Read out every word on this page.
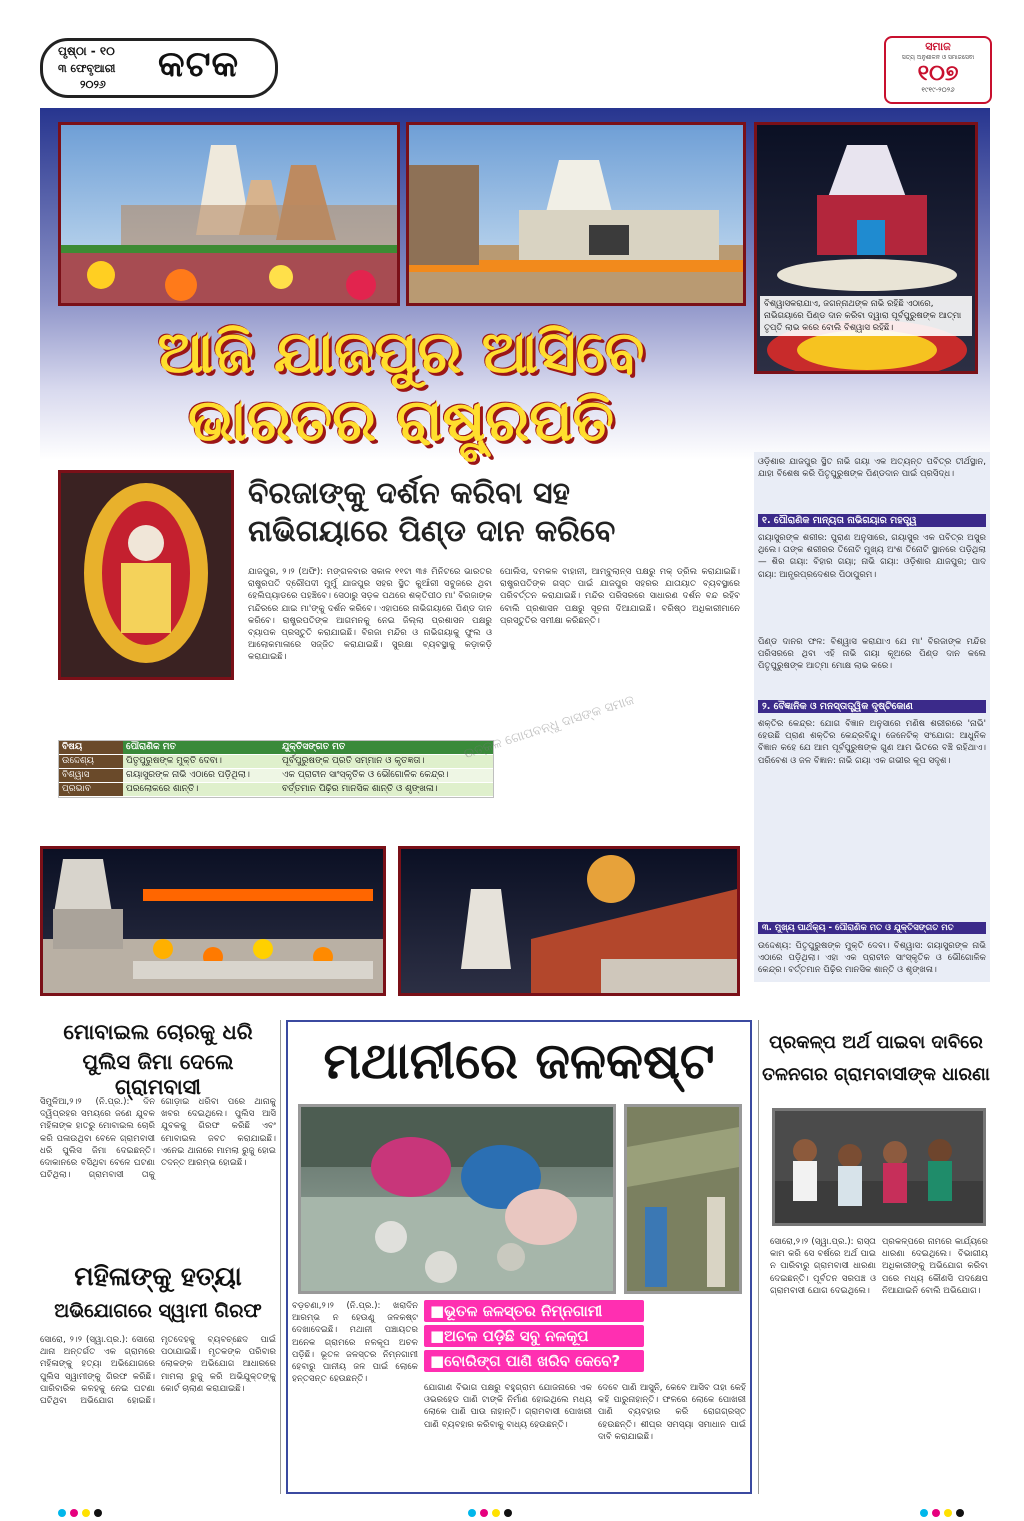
ପୃଷ୍ଠା - ୧୦
୩ ଫେବୃଆରୀ
୨୦୨୬ କଟକ	ସମାଜ
ସତ୍ୟ ଅନୁଶୀଳନ ଓ ସମାଜସେବା
୧୦୭
୧୯୧୯-୨୦୨୬
ବିଶ୍ୱାସକରାଯାଏ, ଜଗନ୍ନାଥଙ୍କ ନାଭି ରହିଛି ଏଠାରେ, ନାଭିଗୟାରେ ପିଣ୍ଡ ଦାନ କରିବା ଦ୍ୱାରା ପୂର୍ବପୁରୁଷଙ୍କ ଆତ୍ମା ତୃପ୍ତି ଲାଭ କରେ ବୋଲି ବିଶ୍ୱାସ ରହିଛି।
ଆଜି ଯାଜପୁର ଆସିବେ
ଭାରତର ରାଷ୍ଟ୍ରପତି
ବିରଜାଙ୍କୁ ଦର୍ଶନ କରିବା ସହ
ନାଭିଗୟାରେ ପିଣ୍ଡ ଦାନ କରିବେ
ଯାଜପୁର, ୨।୨ (ଅଫି): ମଙ୍ଗଳବାର ସକାଳ ୧୧ଟା ୩୫ ମିନିଟରେ ଭାରତର ରାଷ୍ଟ୍ରପତି ଦ୍ରୌପଦୀ ମୁର୍ମୁ ଯାଜପୁର ସହର ସ୍ଥିତ କୁଆଁରୀ ସବୁଜରେ ଥିବା ହେଲିପ୍ୟାଡରେ ପହଞ୍ଚିବେ। ସେଠାରୁ ସଡ଼କ ପଥରେ ଶକ୍ତିପୀଠ ମା' ବିରଜାଙ୍କ ମନ୍ଦିରରେ ଯାଇ ମା'ଙ୍କୁ ଦର୍ଶନ କରିବେ। ଏହାପରେ ନାଭିଗୟାରେ ପିଣ୍ଡ ଦାନ କରିବେ। ରାଷ୍ଟ୍ରପତିଙ୍କ ଆଗମନକୁ ନେଇ ଜିଲ୍ଲା ପ୍ରଶାସନ ପକ୍ଷରୁ ବ୍ୟାପକ ପ୍ରସ୍ତୁତି କରାଯାଇଛି। ବିରଜା ମନ୍ଦିର ଓ ନାଭିଗୟାକୁ ଫୁଲ ଓ ଆଲୋକମାଳାରେ ସଜ୍ଜିତ କରାଯାଇଛି। ସୁରକ୍ଷା ବ୍ୟବସ୍ଥାକୁ କଡ଼ାକଡ଼ି କରାଯାଇଛି।
ପୋଲିସ, ଦମକଳ ବାହାନୀ, ଆମ୍ବୁଲାନ୍ସ ପକ୍ଷରୁ ମକ୍ ଡ୍ରିଲ କରାଯାଇଛି। ରାଷ୍ଟ୍ରପତିଙ୍କ ଗସ୍ତ ପାଇଁ ଯାଜପୁର ସହରର ଯାତାୟାତ ବ୍ୟବସ୍ଥାରେ ପରିବର୍ତ୍ତନ କରାଯାଇଛି। ମନ୍ଦିର ପରିସରରେ ସାଧାରଣ ଦର୍ଶନ ବନ୍ଦ ରହିବ ବୋଲି ପ୍ରଶାସନ ପକ୍ଷରୁ ସୂଚନା ଦିଆଯାଇଛି। ବରିଷ୍ଠ ଅଧିକାରୀମାନେ ପ୍ରସ୍ତୁତିର ସମୀକ୍ଷା କରିଛନ୍ତି।
ବିଷୟ	ପୌରାଣିକ ମତ	ଯୁକ୍ତିସଙ୍ଗତ ମତ
ଉଦ୍ଦେଶ୍ୟ	ପିତୃପୁରୁଷଙ୍କ ମୁକ୍ତି ଦେବା।	ପୂର୍ବପୁରୁଷଙ୍କ ପ୍ରତି ସମ୍ମାନ ଓ କୃତଜ୍ଞତା।
ବିଶ୍ୱାସ	ଗୟାସୁରଙ୍କ ନାଭି ଏଠାରେ ପଡ଼ିଥିଲା।	ଏକ ପ୍ରାଚୀନ ସାଂସ୍କୃତିକ ଓ ଭୌଗୋଳିକ କେନ୍ଦ୍ର।
ପ୍ରଭାବ	ପରଲୋକରେ ଶାନ୍ତି।	ବର୍ତ୍ତମାନ ପିଢ଼ିର ମାନସିକ ଶାନ୍ତି ଓ ଶୃଙ୍ଖଳା।
ଉତ୍କଳ ଗୋପବନ୍ଧୁ ଦାସଙ୍କ ସମାଜ
ଓଡ଼ିଶାର ଯାଜପୁର ସ୍ଥିତ ନାଭି ଗୟା ଏକ ଅତ୍ୟନ୍ତ ପବିତ୍ର ତୀର୍ଥସ୍ଥାନ, ଯାହା ବିଶେଷ କରି ପିତୃପୁରୁଷଙ୍କ ପିଣ୍ଡଦାନ ପାଇଁ ପ୍ରସିଦ୍ଧ।
୧. ପୌରାଣିକ ମାନ୍ୟତା ନାଭିଗୟାର ମହତ୍ତ୍ୱ
ଗୟାସୁରଙ୍କ ଶରୀର: ପୁରାଣ ଅନୁସାରେ, ଗୟାସୁର ଏକ ପବିତ୍ର ଅସୁର ଥିଲେ। ତାଙ୍କ ଶରୀରର ତିନୋଟି ମୁଖ୍ୟ ଅଂଶ ତିନୋଟି ସ୍ଥାନରେ ପଡ଼ିଥିଲା — ଶିର ଗୟା: ବିହାର ଗୟା; ନାଭି ଗୟା: ଓଡ଼ିଶାର ଯାଜପୁର; ପାଦ ଗୟା: ଆନ୍ଧ୍ରପ୍ରଦେଶର ପିଠାପୁରମ।
ପିଣ୍ଡ ଦାନର ଫଳ: ବିଶ୍ୱାସ କରାଯାଏ ଯେ ମା' ବିରଜାଙ୍କ ମନ୍ଦିର ପରିସରରେ ଥିବା ଏହି ନାଭି ଗୟା କୂଅରେ ପିଣ୍ଡ ଦାନ କଲେ ପିତୃପୁରୁଷଙ୍କ ଆତ୍ମା ମୋକ୍ଷ ଲାଭ କରେ।
୨. ବୈଜ୍ଞାନିକ ଓ ମନସ୍ତାତ୍ତ୍ୱିକ ଦୃଷ୍ଟିକୋଣ
ଶକ୍ତିର କେନ୍ଦ୍ର: ଯୋଗ ବିଜ୍ଞାନ ଅନୁସାରେ ମଣିଷ ଶରୀରରେ 'ନାଭି' ହେଉଛି ପ୍ରାଣ ଶକ୍ତିର କେନ୍ଦ୍ରବିନ୍ଦୁ। ଜେନେଟିକ୍ ସଂଯୋଗ: ଆଧୁନିକ ବିଜ୍ଞାନ କହେ ଯେ ଆମ ପୂର୍ବପୁରୁଷଙ୍କ ଗୁଣ ଆମ ଭିତରେ ବଞ୍ଚି ରହିଥାଏ। ପରିବେଶ ଓ ଜଳ ବିଜ୍ଞାନ: ନାଭି ଗୟା ଏକ ଗଭୀର କୂପ ସଦୃଶ।
୩. ମୁଖ୍ୟ ପାର୍ଥକ୍ୟ - ପୌରାଣିକ ମତ ଓ ଯୁକ୍ତିସଙ୍ଗତ ମତ
ଉଦ୍ଦେଶ୍ୟ: ପିତୃପୁରୁଷଙ୍କ ମୁକ୍ତି ଦେବା। ବିଶ୍ୱାସ: ଗୟାସୁରଙ୍କ ନାଭି ଏଠାରେ ପଡ଼ିଥିଲା। ଏହା ଏକ ପ୍ରାଚୀନ ସାଂସ୍କୃତିକ ଓ ଭୌଗୋଳିକ କେନ୍ଦ୍ର। ବର୍ତ୍ତମାନ ପିଢ଼ିର ମାନସିକ ଶାନ୍ତି ଓ ଶୃଙ୍ଖଳା।
ମୋବାଇଲ ଚୋରକୁ ଧରି
ପୁଲିସ ଜିମା ଦେଲେ ଗ୍ରାମବାସୀ
ସିମୁଳିଆ,୨।୨ (ନି.ପ୍ର.): ଦିନ ଦ୍ୱିପ୍ରହର ସମୟରେ ଜଣେ ଯୁବକ ମହିଳାଙ୍କ ହାତରୁ ମୋବାଇଲ ଚୋରି କରି ପଳାଉଥିବା ବେଳେ ଗ୍ରାମବାସୀ ଧରି ପୁଲିସ ଜିମା ଦେଇଛନ୍ତି। ଦୋକାନରେ ବସିଥିବା ବେଳେ ଘଟଣା ଘଟିଥିଲା। ଗ୍ରାମବାସୀ ତାକୁ ଗୋଡ଼ାଇ ଧରିବା ପରେ ଥାନାକୁ ଖବର ଦେଇଥିଲେ। ପୁଲିସ ଆସି ଯୁବକକୁ ଗିରଫ କରିଛି ଏବଂ ମୋବାଇଲ ଜବତ କରାଯାଇଛି। ଏନେଇ ଥାନାରେ ମାମଲା ରୁଜୁ ହୋଇ ତଦନ୍ତ ଆରମ୍ଭ ହୋଇଛି।
ମହିଳାଙ୍କୁ ହତ୍ୟା
ଅଭିଯୋଗରେ ସ୍ୱାମୀ ଗିରଫ
ସୋରୋ, ୨।୨ (ସ୍ୱା.ପ୍ର.): ସୋରୋ ଥାନା ଅନ୍ତର୍ଗତ ଏକ ଗ୍ରାମରେ ମହିଳାଙ୍କୁ ହତ୍ୟା ଅଭିଯୋଗରେ ପୁଲିସ ସ୍ୱାମୀଙ୍କୁ ଗିରଫ କରିଛି। ପାରିବାରିକ କଳହକୁ ନେଇ ଘଟଣା ଘଟିଥିବା ଅଭିଯୋଗ ହୋଇଛି। ମୃତଦେହକୁ ବ୍ୟବଚ୍ଛେଦ ପାଇଁ ପଠାଯାଇଛି। ମୃତକଙ୍କ ପରିବାର ଲୋକଙ୍କ ଅଭିଯୋଗ ଆଧାରରେ ମାମଲା ରୁଜୁ କରି ଅଭିଯୁକ୍ତଙ୍କୁ କୋର୍ଟ ଚାଲାଣ କରାଯାଇଛି।
ମଥାନୀରେ ଜଳକଷ୍ଟ
■ଭୂତଳ ଜଳସ୍ତର ନିମ୍ନଗାମୀ
■ଅଚଳ ପଡ଼ିଛି ସବୁ ନଳକୂପ
■ବୋରିଙ୍ଗ ପାଣି ଖରିବ କେବେ?
ବଡ଼ଚଣା,୨।୨ (ନି.ପ୍ର.): ଖରାଦିନ ଆରମ୍ଭ ନ ହେଉଣୁ ଜଳକଷ୍ଟ ଦେଖାଦେଇଛି। ମଥାନୀ ପଞ୍ଚାୟତର ଅନେକ ଗ୍ରାମରେ ନଳକୂପ ଅଚଳ ପଡ଼ିଛି। ଭୂତଳ ଜଳସ୍ତର ନିମ୍ନଗାମୀ ହେବାରୁ ପାନୀୟ ଜଳ ପାଇଁ ଲୋକେ ହନ୍ତସନ୍ତ ହେଉଛନ୍ତି।
ଯୋଗାଣ ବିଭାଗ ପକ୍ଷରୁ ବହୁଗ୍ରାମ ଯୋଜନାରେ ଏକ ଓଭରହେଡ ପାଣି ଟାଙ୍କି ନିର୍ମାଣ ହୋଇଥିଲେ ମଧ୍ୟ ଲୋକେ ପାଣି ପାଉ ନାହାନ୍ତି। ଗ୍ରାମବାସୀ ପୋଖରୀ ପାଣି ବ୍ୟବହାର କରିବାକୁ ବାଧ୍ୟ ହେଉଛନ୍ତି।
ଦେବେ ପାଣି ଆସୁନି, କେବେ ଆସିବ ତାହା କେହି କହି ପାରୁନାହାନ୍ତି। ଫଳରେ ଲୋକେ ପୋଖରୀ ପାଣି ବ୍ୟବହାର କରି ରୋଗଗ୍ରସ୍ତ ହେଉଛନ୍ତି। ଶୀଘ୍ର ସମସ୍ୟା ସମାଧାନ ପାଇଁ ଦାବି କରାଯାଇଛି।
ପ୍ରକଳ୍ପ ଅର୍ଥ ପାଇବା ଦାବିରେ
ତଳନଗର ଗ୍ରାମବାସୀଙ୍କ ଧାରଣା
ସୋରୋ,୨।୨ (ସ୍ୱା.ପ୍ର.): ରାସ୍ତା କାମ କରି ସେ ବର୍ଷରେ ଅର୍ଥ ପାଇ ନ ପାରିବାରୁ ଗ୍ରାମବାସୀ ଧାରଣା ଦେଇଛନ୍ତି। ପୂର୍ବତନ ସରପଞ୍ଚ ଓ ଗ୍ରାମବାସୀ ଯୋଗ ଦେଇଥିଲେ।
ପ୍ରକଳ୍ପରେ ନାମରେ କାର୍ଯ୍ୟରେ ଧାରଣା ଦେଇଥିଲେ। ବିଭାଗୀୟ ଅଧିକାରୀଙ୍କୁ ଅଭିଯୋଗ କରିବା ପରେ ମଧ୍ୟ କୌଣସି ପଦକ୍ଷେପ ନିଆଯାଇନି ବୋଲି ଅଭିଯୋଗ।
